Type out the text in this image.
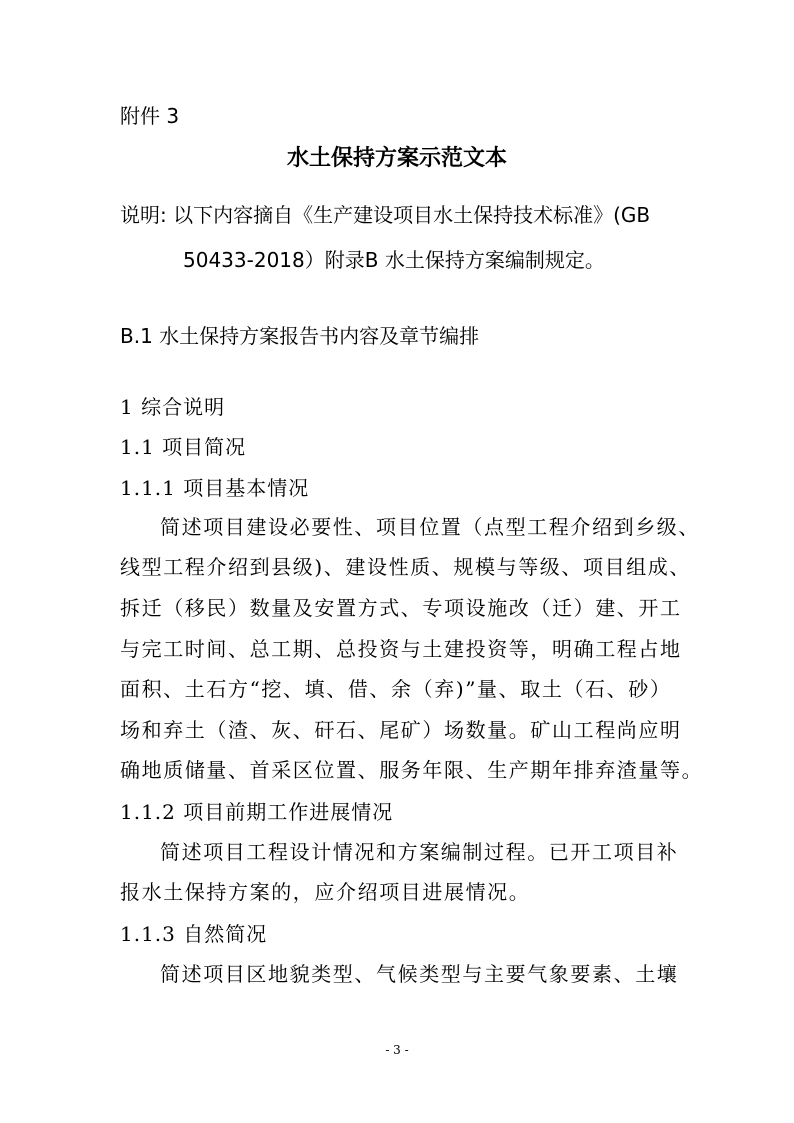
附件 3
水土保持方案示范文本
说明: 以下内容摘自《生产建设项目水土保持技术标准》(GB
50433-2018）附录B 水土保持方案编制规定。
B.1 水土保持方案报告书内容及章节编排
1 综合说明
1.1 项目简况
1.1.1 项目基本情况
简述项目建设必要性、项目位置（点型工程介绍到乡级、
线型工程介绍到县级)、建设性质、规模与等级、项目组成、
拆迁（移民）数量及安置方式、专项设施改（迁）建、开工
与完工时间、总工期、总投资与土建投资等，明确工程占地
面积、土石方“挖、填、借、余（弃)”量、取土（石、砂）
场和弃土（渣、灰、矸石、尾矿）场数量。矿山工程尚应明
确地质储量、首采区位置、服务年限、生产期年排弃渣量等。
1.1.2 项目前期工作进展情况
简述项目工程设计情况和方案编制过程。已开工项目补
报水土保持方案的，应介绍项目进展情况。
1.1.3 自然简况
简述项目区地貌类型、气候类型与主要气象要素、土壤
- 3 -
